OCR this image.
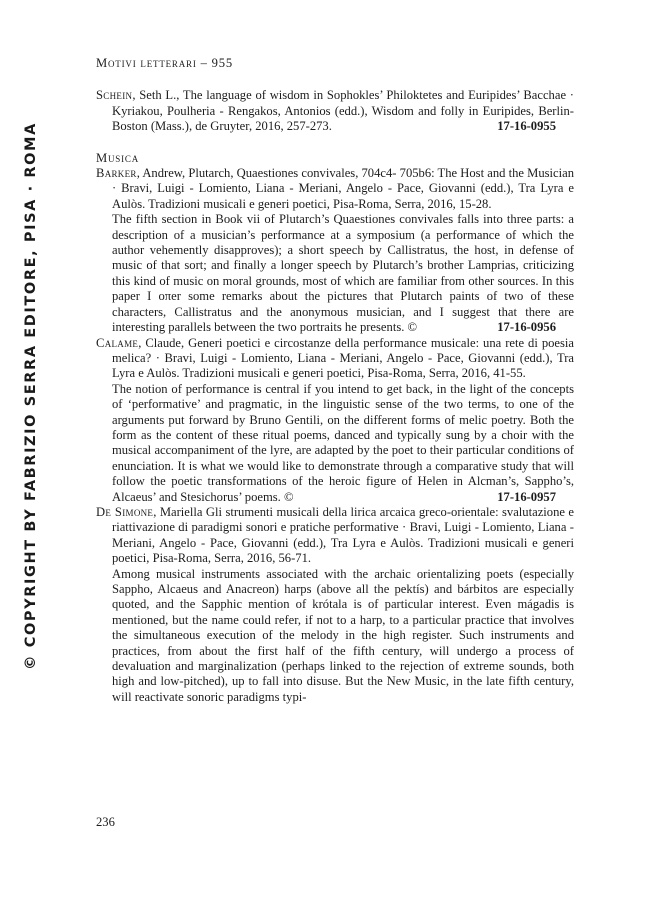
© COPYRIGHT BY FABRIZIO SERRA EDITORE, PISA · ROMA

Motivi letterari – 955

Schein, Seth L., The language of wisdom in Sophokles’ Philoktetes and Euripides’ Bacchae · Kyriakou, Poulheria - Rengakos, Antonios (edd.), Wisdom and folly in Euripides, Berlin-Boston (Mass.), de Gruyter, 2016, 257-273.	17-16-0955

Musica

Barker, Andrew, Plutarch, Quaestiones convivales, 704c4- 705b6: The Host and the Musician · Bravi, Luigi - Lomiento, Liana - Meriani, Angelo - Pace, Giovanni (edd.), Tra Lyra e Aulòs. Tradizioni musicali e generi poetici, Pisa-Roma, Serra, 2016, 15-28.

The fifth section in Book vii of Plutarch’s Quaestiones convivales falls into three parts: a description of a musician’s performance at a symposium (a performance of which the author vehemently disapproves); a short speech by Callistratus, the host, in defense of music of that sort; and finally a longer speech by Plutarch’s brother Lamprias, criticizing this kind of music on moral grounds, most of which are familiar from other sources. In this paper I οπer some remarks about the pictures that Plutarch paints of two of these characters, Callistratus and the anonymous musician, and I suggest that there are interesting parallels between the two portraits he presents. ©	17-16-0956

Calame, Claude, Generi poetici e circostanze della performance musicale: una rete di poesia melica? · Bravi, Luigi - Lomiento, Liana - Meriani, Angelo - Pace, Giovanni (edd.), Tra Lyra e Aulòs. Tradizioni musicali e generi poetici, Pisa-Roma, Serra, 2016, 41-55.

The notion of performance is central if you intend to get back, in the light of the concepts of ‘performative’ and pragmatic, in the linguistic sense of the two terms, to one of the arguments put forward by Bruno Gentili, on the different forms of melic poetry. Both the form as the content of these ritual poems, danced and typically sung by a choir with the musical accompaniment of the lyre, are adapted by the poet to their particular conditions of enunciation. It is what we would like to demonstrate through a comparative study that will follow the poetic transformations of the heroic figure of Helen in Alcman’s, Sappho’s, Alcaeus’ and Stesichorus’ poems. ©	17-16-0957

De Simone, Mariella Gli strumenti musicali della lirica arcaica greco-orientale: svalutazione e riattivazione di paradigmi sonori e pratiche performative · Bravi, Luigi - Lomiento, Liana - Meriani, Angelo - Pace, Giovanni (edd.), Tra Lyra e Aulòs. Tradizioni musicali e generi poetici, Pisa-Roma, Serra, 2016, 56-71.

Among musical instruments associated with the archaic orientalizing poets (especially Sappho, Alcaeus and Anacreon) harps (above all the pektís) and bárbitos are especially quoted, and the Sapphic mention of krótala is of particular interest. Even mágadis is mentioned, but the name could refer, if not to a harp, to a particular practice that involves the simultaneous execution of the melody in the high register. Such instruments and practices, from about the first half of the fifth century, will undergo a process of devaluation and marginalization (perhaps linked to the rejection of extreme sounds, both high and low-pitched), up to fall into disuse. But the New Music, in the late fifth century, will reactivate sonoric paradigms typi-

236
